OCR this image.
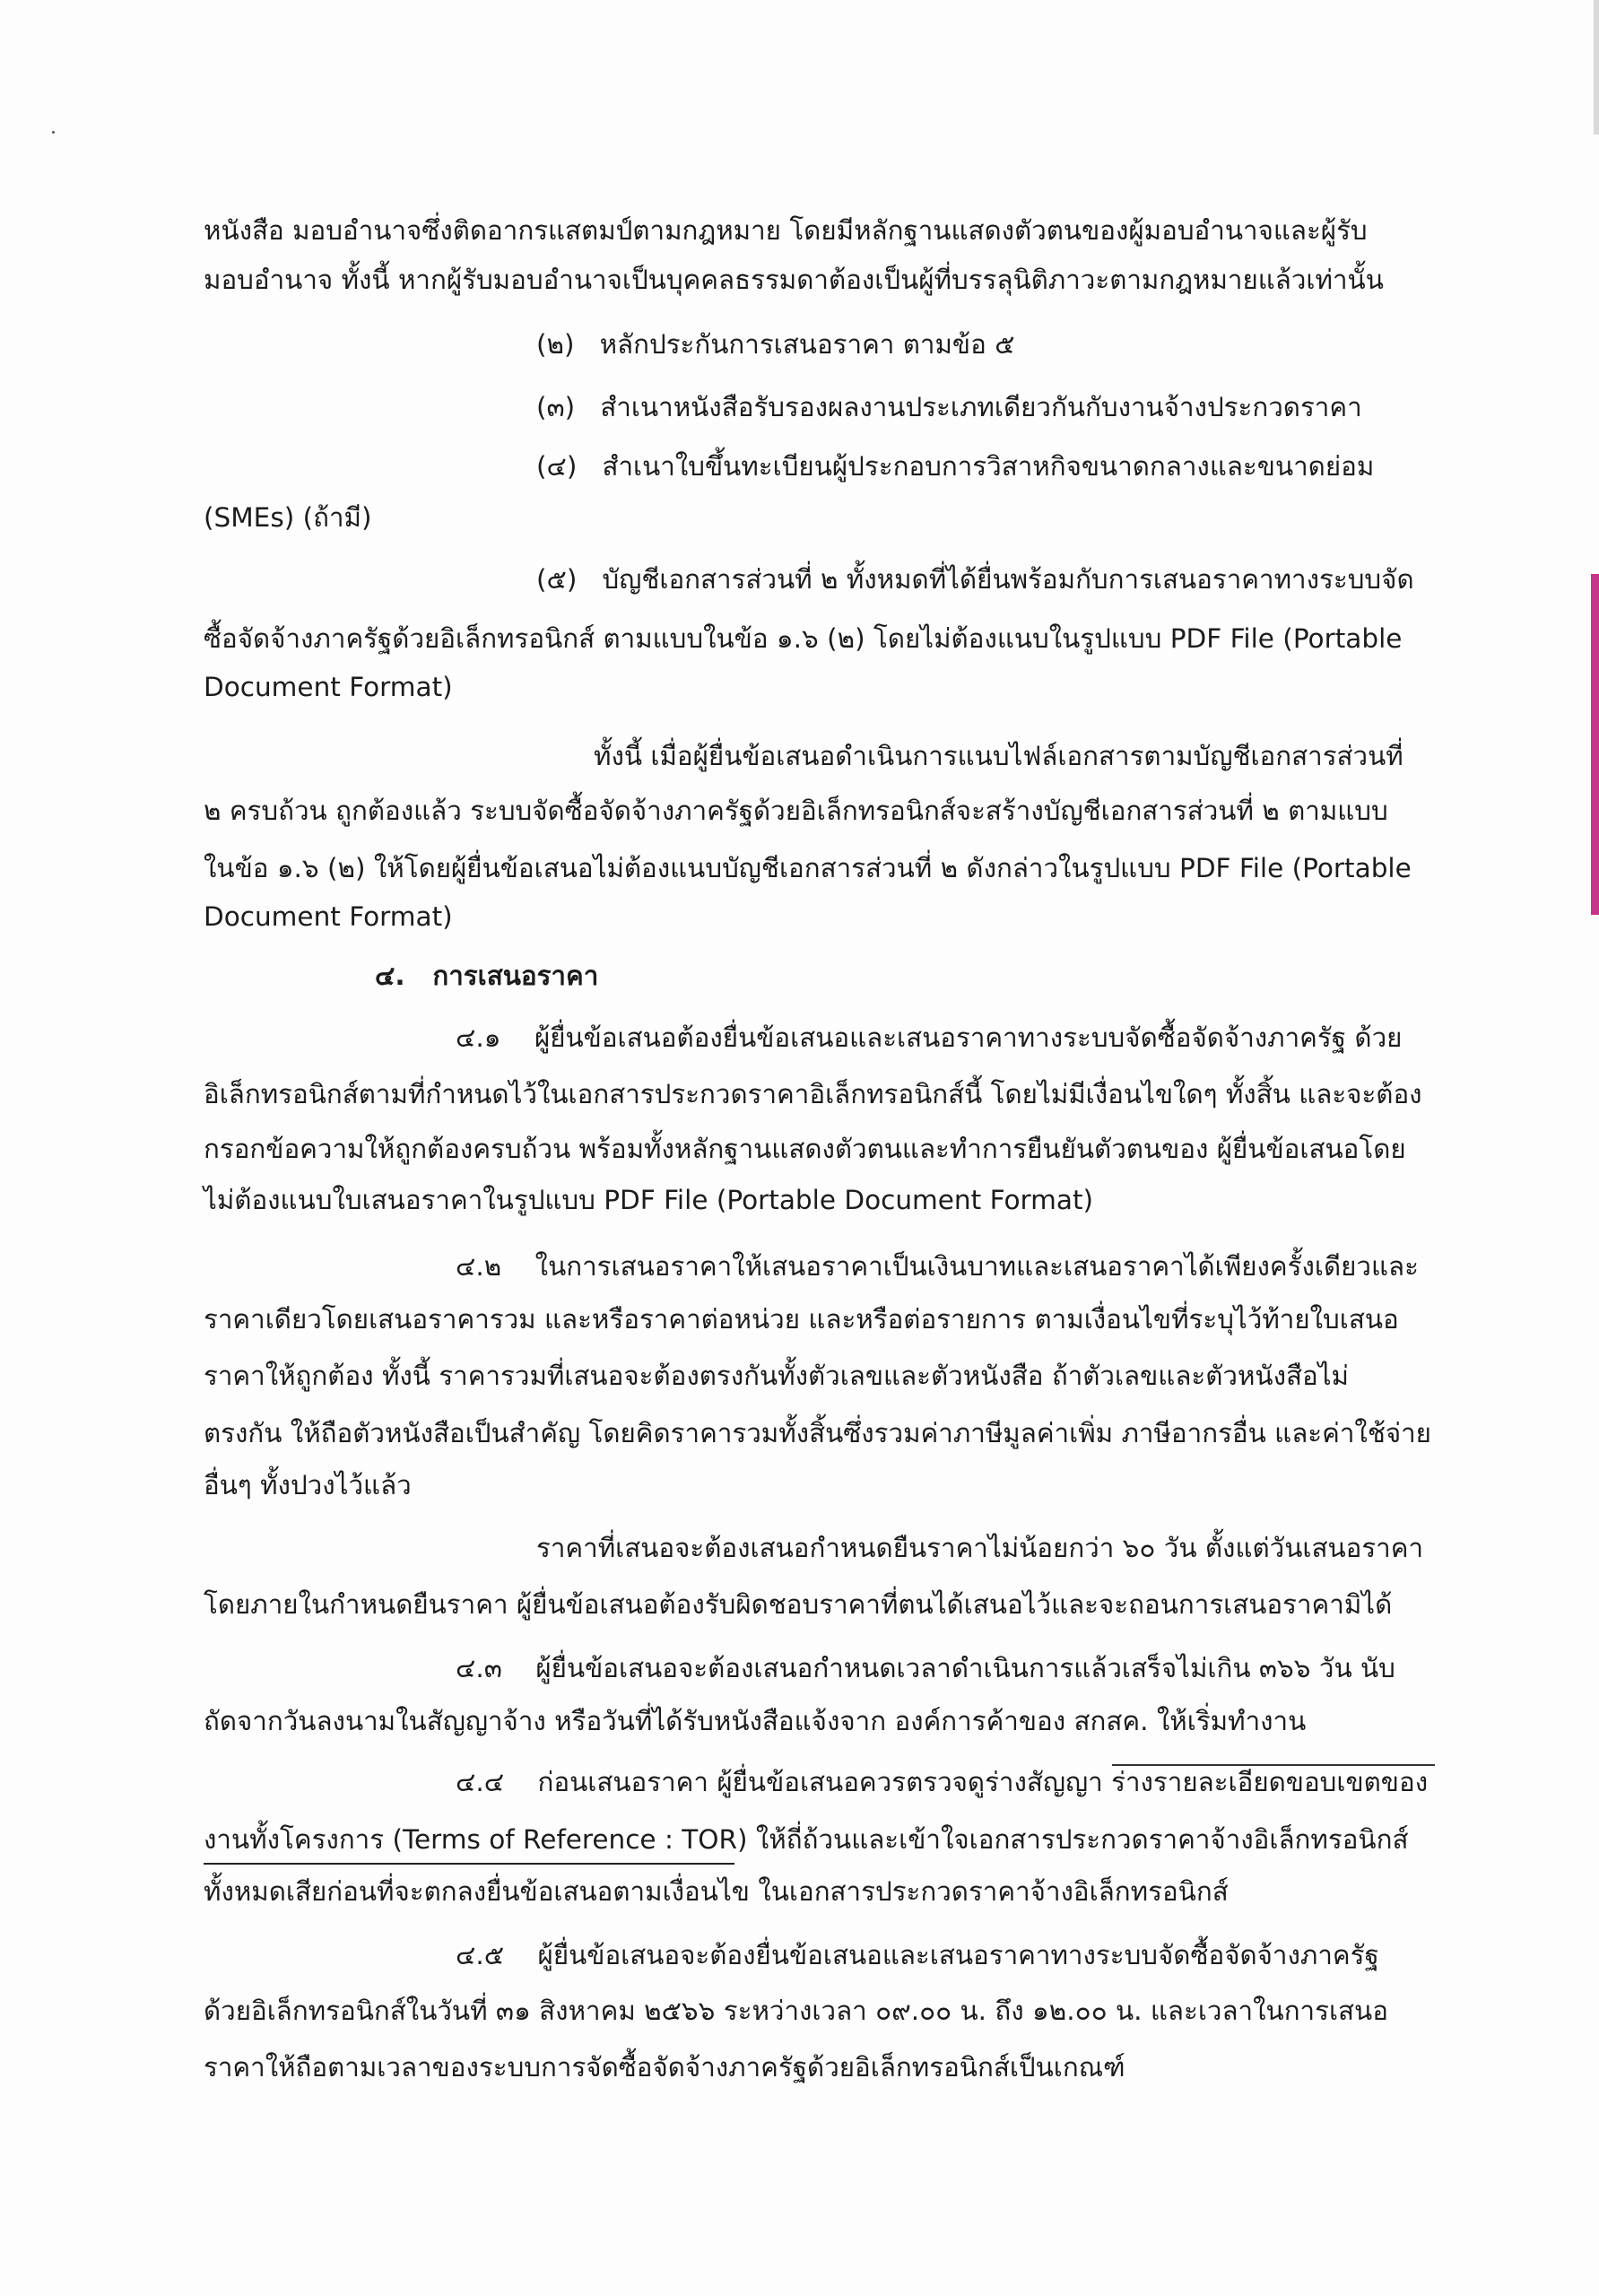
หนังสือ มอบอำนาจซึ่งติดอากรแสตมป์ตามกฎหมาย โดยมีหลักฐานแสดงตัวตนของผู้มอบอำนาจและผู้รับ

มอบอำนาจ ทั้งนี้ หากผู้รับมอบอำนาจเป็นบุคคลธรรมดาต้องเป็นผู้ที่บรรลุนิติภาวะตามกฎหมายแล้วเท่านั้น

(๒)   หลักประกันการเสนอราคา ตามข้อ ๕

(๓)   สำเนาหนังสือรับรองผลงานประเภทเดียวกันกับงานจ้างประกวดราคา

(๔)   สำเนาใบขึ้นทะเบียนผู้ประกอบการวิสาหกิจขนาดกลางและขนาดย่อม

(SMEs) (ถ้ามี)

(๕)   บัญชีเอกสารส่วนที่ ๒ ทั้งหมดที่ได้ยื่นพร้อมกับการเสนอราคาทางระบบจัด

ซื้อจัดจ้างภาครัฐด้วยอิเล็กทรอนิกส์ ตามแบบในข้อ ๑.๖ (๒) โดยไม่ต้องแนบในรูปแบบ PDF File (Portable

Document Format)

ทั้งนี้ เมื่อผู้ยื่นข้อเสนอดำเนินการแนบไฟล์เอกสารตามบัญชีเอกสารส่วนที่

๒ ครบถ้วน ถูกต้องแล้ว ระบบจัดซื้อจัดจ้างภาครัฐด้วยอิเล็กทรอนิกส์จะสร้างบัญชีเอกสารส่วนที่ ๒ ตามแบบ

ในข้อ ๑.๖ (๒) ให้โดยผู้ยื่นข้อเสนอไม่ต้องแนบบัญชีเอกสารส่วนที่ ๒ ดังกล่าวในรูปแบบ PDF File (Portable

Document Format)

๔.   การเสนอราคา

๔.๑    ผู้ยื่นข้อเสนอต้องยื่นข้อเสนอและเสนอราคาทางระบบจัดซื้อจัดจ้างภาครัฐ ด้วย

อิเล็กทรอนิกส์ตามที่กำหนดไว้ในเอกสารประกวดราคาอิเล็กทรอนิกส์นี้ โดยไม่มีเงื่อนไขใดๆ ทั้งสิ้น และจะต้อง

กรอกข้อความให้ถูกต้องครบถ้วน พร้อมทั้งหลักฐานแสดงตัวตนและทำการยืนยันตัวตนของ ผู้ยื่นข้อเสนอโดย

ไม่ต้องแนบใบเสนอราคาในรูปแบบ PDF File (Portable Document Format)

๔.๒    ในการเสนอราคาให้เสนอราคาเป็นเงินบาทและเสนอราคาได้เพียงครั้งเดียวและ

ราคาเดียวโดยเสนอราคารวม และหรือราคาต่อหน่วย และหรือต่อรายการ ตามเงื่อนไขที่ระบุไว้ท้ายใบเสนอ

ราคาให้ถูกต้อง ทั้งนี้ ราคารวมที่เสนอจะต้องตรงกันทั้งตัวเลขและตัวหนังสือ ถ้าตัวเลขและตัวหนังสือไม่

ตรงกัน ให้ถือตัวหนังสือเป็นสำคัญ โดยคิดราคารวมทั้งสิ้นซึ่งรวมค่าภาษีมูลค่าเพิ่ม ภาษีอากรอื่น และค่าใช้จ่าย

อื่นๆ ทั้งปวงไว้แล้ว

ราคาที่เสนอจะต้องเสนอกำหนดยืนราคาไม่น้อยกว่า ๖๐ วัน ตั้งแต่วันเสนอราคา

โดยภายในกำหนดยืนราคา ผู้ยื่นข้อเสนอต้องรับผิดชอบราคาที่ตนได้เสนอไว้และจะถอนการเสนอราคามิได้

๔.๓    ผู้ยื่นข้อเสนอจะต้องเสนอกำหนดเวลาดำเนินการแล้วเสร็จไม่เกิน ๓๖๖ วัน นับ

ถัดจากวันลงนามในสัญญาจ้าง หรือวันที่ได้รับหนังสือแจ้งจาก องค์การค้าของ สกสค. ให้เริ่มทำงาน

๔.๔    ก่อนเสนอราคา ผู้ยื่นข้อเสนอควรตรวจดูร่างสัญญา ร่างรายละเอียดขอบเขตของ

งานทั้งโครงการ (Terms of Reference : TOR) ให้ถี่ถ้วนและเข้าใจเอกสารประกวดราคาจ้างอิเล็กทรอนิกส์

ทั้งหมดเสียก่อนที่จะตกลงยื่นข้อเสนอตามเงื่อนไข ในเอกสารประกวดราคาจ้างอิเล็กทรอนิกส์

๔.๕    ผู้ยื่นข้อเสนอจะต้องยื่นข้อเสนอและเสนอราคาทางระบบจัดซื้อจัดจ้างภาครัฐ

ด้วยอิเล็กทรอนิกส์ในวันที่ ๓๑ สิงหาคม ๒๕๖๖ ระหว่างเวลา ๐๙.๐๐ น. ถึง ๑๒.๐๐ น. และเวลาในการเสนอ

ราคาให้ถือตามเวลาของระบบการจัดซื้อจัดจ้างภาครัฐด้วยอิเล็กทรอนิกส์เป็นเกณฑ์
